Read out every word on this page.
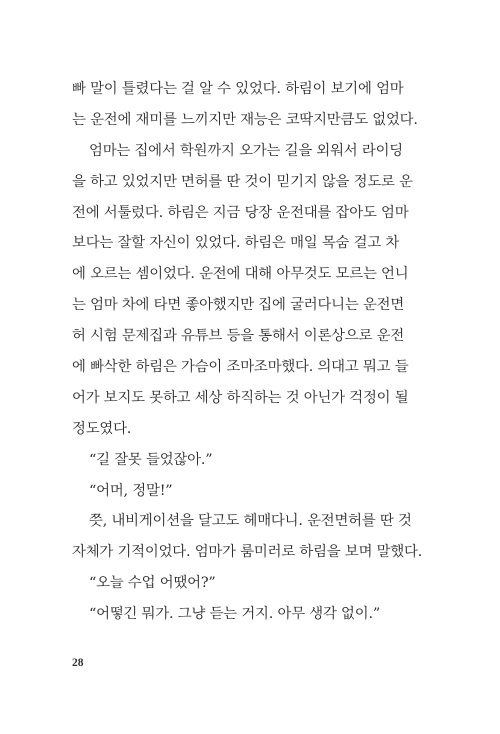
빠 말이 틀렸다는 걸 알 수 있었다. 하림이 보기에 엄마
는 운전에 재미를 느끼지만 재능은 코딱지만큼도 없었다.
엄마는 집에서 학원까지 오가는 길을 외워서 라이딩
을 하고 있었지만 면허를 딴 것이 믿기지 않을 정도로 운
전에 서툴렀다. 하림은 지금 당장 운전대를 잡아도 엄마
보다는 잘할 자신이 있었다. 하림은 매일 목숨 걸고 차
에 오르는 셈이었다. 운전에 대해 아무것도 모르는 언니
는 엄마 차에 타면 좋아했지만 집에 굴러다니는 운전면
허 시험 문제집과 유튜브 등을 통해서 이론상으로 운전
에 빠삭한 하림은 가슴이 조마조마했다. 의대고 뭐고 들
어가 보지도 못하고 세상 하직하는 것 아닌가 걱정이 될
정도였다.
“길 잘못 들었잖아.”
“어머, 정말!”
쯧, 내비게이션을 달고도 헤매다니. 운전면허를 딴 것
자체가 기적이었다. 엄마가 룸미러로 하림을 보며 말했다.
“오늘 수업 어땠어?”
“어떻긴 뭐가. 그냥 듣는 거지. 아무 생각 없이.”
28
